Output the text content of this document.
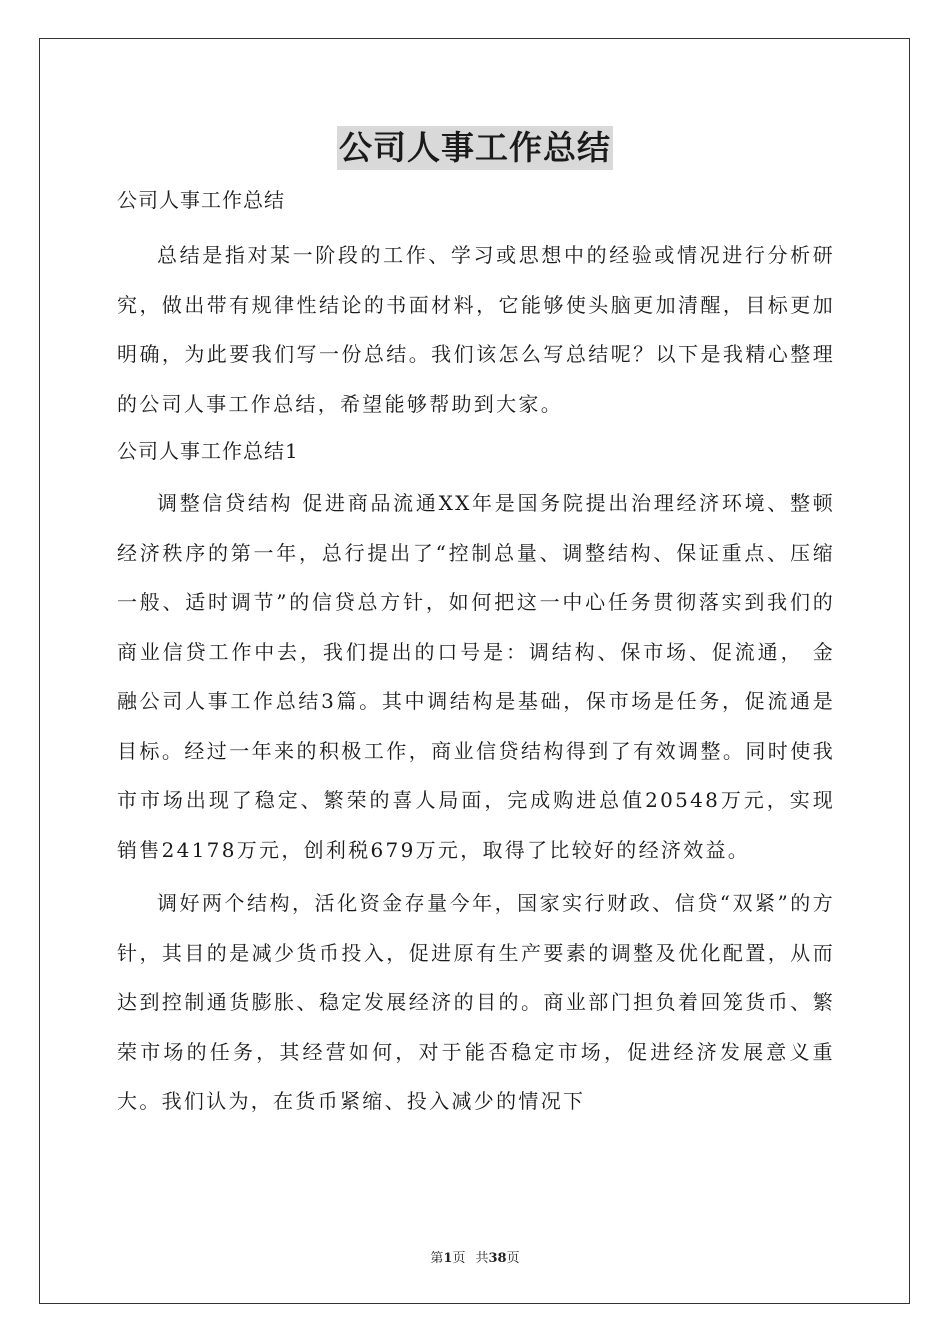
公司人事工作总结

公司人事工作总结

总结是指对某一阶段的工作、学习或思想中的经验或情况进行分析研究，做出带有规律性结论的书面材料，它能够使头脑更加清醒，目标更加明确，为此要我们写一份总结。我们该怎么写总结呢？以下是我精心整理的公司人事工作总结，希望能够帮助到大家。

公司人事工作总结1

调整信贷结构 促进商品流通XX年是国务院提出治理经济环境、整顿经济秩序的第一年，总行提出了“控制总量、调整结构、保证重点、压缩一般、适时调节”的信贷总方针，如何把这一中心任务贯彻落实到我们的商业信贷工作中去，我们提出的口号是：调结构、保市场、促流通， 金融公司人事工作总结3篇。其中调结构是基础，保市场是任务，促流通是目标。经过一年来的积极工作，商业信贷结构得到了有效调整。同时使我市市场出现了稳定、繁荣的喜人局面，完成购进总值20548万元，实现销售24178万元，创利税679万元，取得了比较好的经济效益。

调好两个结构，活化资金存量今年，国家实行财政、信贷“双紧”的方针，其目的是减少货币投入，促进原有生产要素的调整及优化配置，从而达到控制通货膨胀、稳定发展经济的目的。商业部门担负着回笼货币、繁荣市场的任务，其经营如何，对于能否稳定市场，促进经济发展意义重大。我们认为，在货币紧缩、投入减少的情况下

第1页 共38页
